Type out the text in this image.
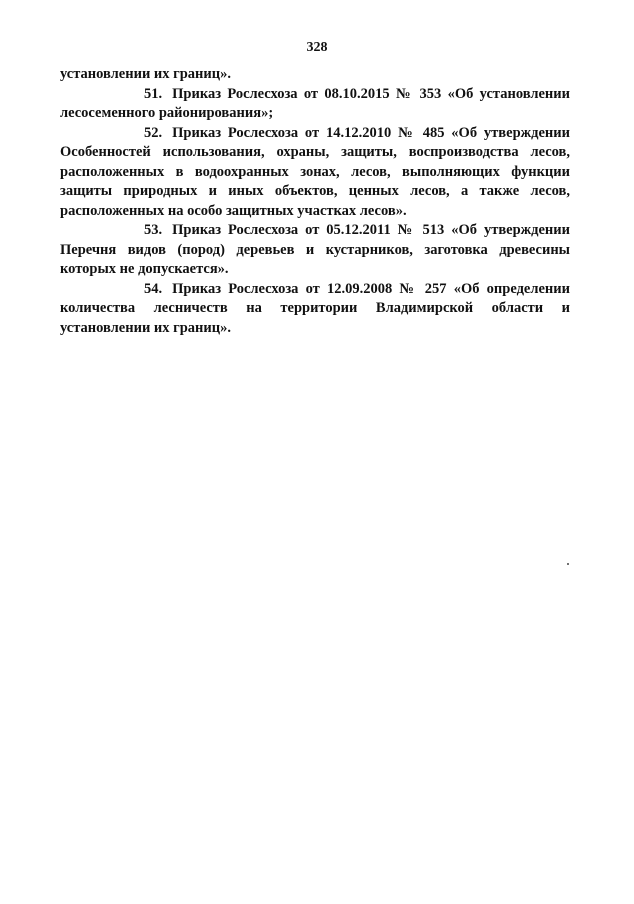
328

установлении их границ».

51. Приказ Рослесхоза от 08.10.2015 № 353 «Об установлении лесосеменного районирования»;

52. Приказ Рослесхоза от 14.12.2010 № 485 «Об утверждении Особенностей использования, охраны, защиты, воспроизводства лесов, расположенных в водоохранных зонах, лесов, выполняющих функции защиты природных и иных объектов, ценных лесов, а также лесов, расположенных на особо защитных участках лесов».

53. Приказ Рослесхоза от 05.12.2011 № 513 «Об утверждении Перечня видов (пород) деревьев и кустарников, заготовка древесины которых не допускается».

54. Приказ Рослесхоза от 12.09.2008 № 257 «Об определении количества лесничеств на территории Владимирской области и установлении их границ».
